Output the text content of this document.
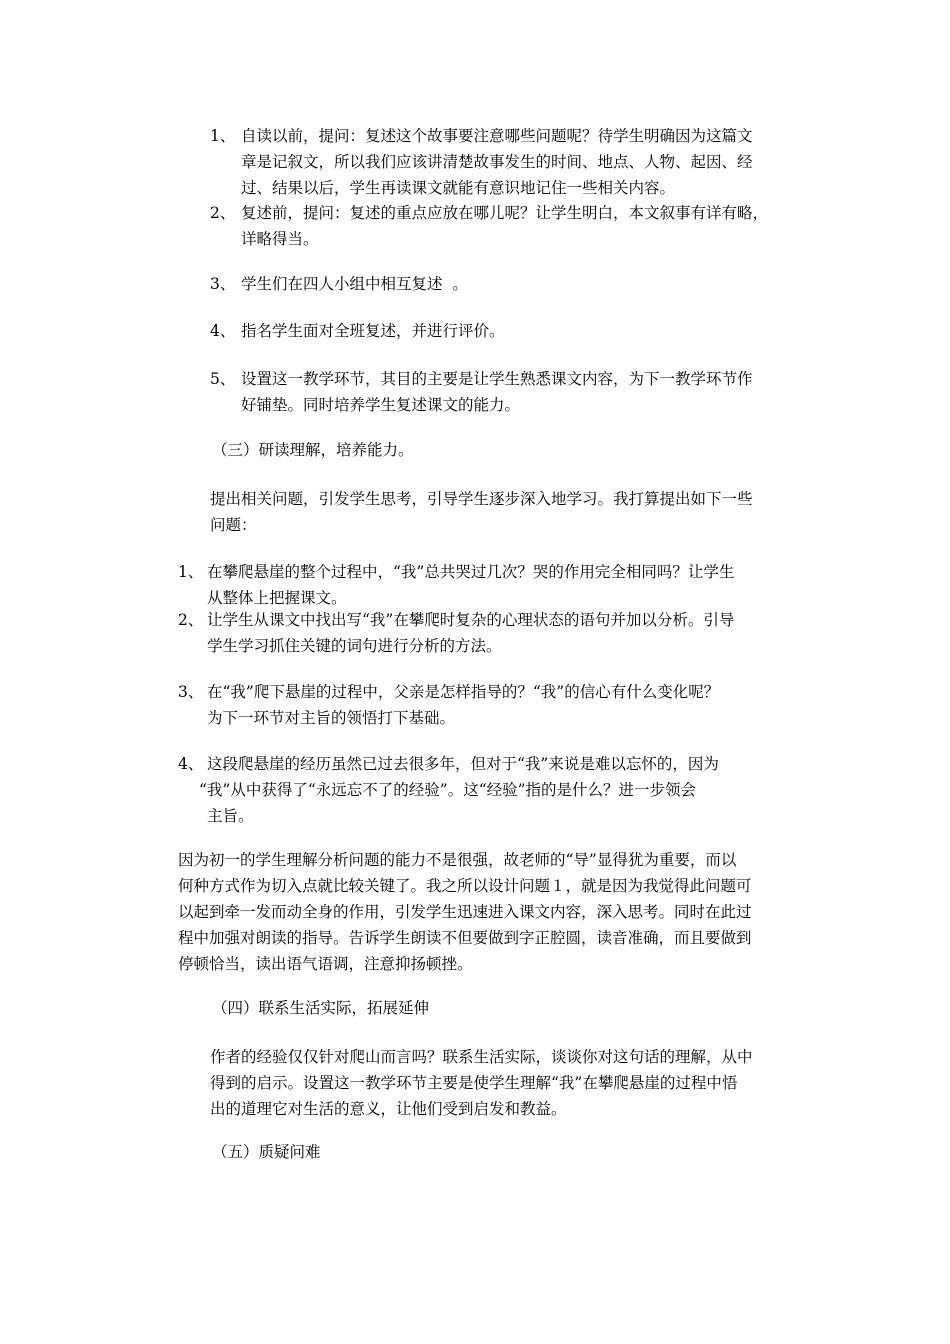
1、 自读以前，提问：复述这个故事要注意哪些问题呢？待学生明确因为这篇文
章是记叙文，所以我们应该讲清楚故事发生的时间、地点、人物、起因、经
过、结果以后，学生再读课文就能有意识地记住一些相关内容。
2、 复述前，提问：复述的重点应放在哪儿呢？让学生明白，本文叙事有详有略，
详略得当。
3、 学生们在四人小组中相互复述  。
4、 指名学生面对全班复述，并进行评价。
5、 设置这一教学环节，其目的主要是让学生熟悉课文内容，为下一教学环节作
好铺垫。同时培养学生复述课文的能力。
（三）研读理解，培养能力。
提出相关问题，引发学生思考，引导学生逐步深入地学习。我打算提出如下一些
问题：
1、 在攀爬悬崖的整个过程中，“我”总共哭过几次？哭的作用完全相同吗？让学生
从整体上把握课文。
2、 让学生从课文中找出写“我”在攀爬时复杂的心理状态的语句并加以分析。引导
学生学习抓住关键的词句进行分析的方法。
3、 在“我”爬下悬崖的过程中，父亲是怎样指导的？“我”的信心有什么变化呢？
为下一环节对主旨的领悟打下基础。
4、 这段爬悬崖的经历虽然已过去很多年，但对于“我”来说是难以忘怀的，因为
“我”从中获得了“永远忘不了的经验”。这“经验”指的是什么？进一步领会
主旨。
因为初一的学生理解分析问题的能力不是很强，故老师的“导”显得犹为重要，而以
何种方式作为切入点就比较关键了。我之所以设计问题１，就是因为我觉得此问题可
以起到牵一发而动全身的作用，引发学生迅速进入课文内容，深入思考。同时在此过
程中加强对朗读的指导。告诉学生朗读不但要做到字正腔圆，读音准确，而且要做到
停顿恰当，读出语气语调，注意抑扬顿挫。
（四）联系生活实际，拓展延伸
作者的经验仅仅针对爬山而言吗？联系生活实际，谈谈你对这句话的理解，从中
得到的启示。设置这一教学环节主要是使学生理解“我”在攀爬悬崖的过程中悟
出的道理它对生活的意义，让他们受到启发和教益。
（五）质疑问难
